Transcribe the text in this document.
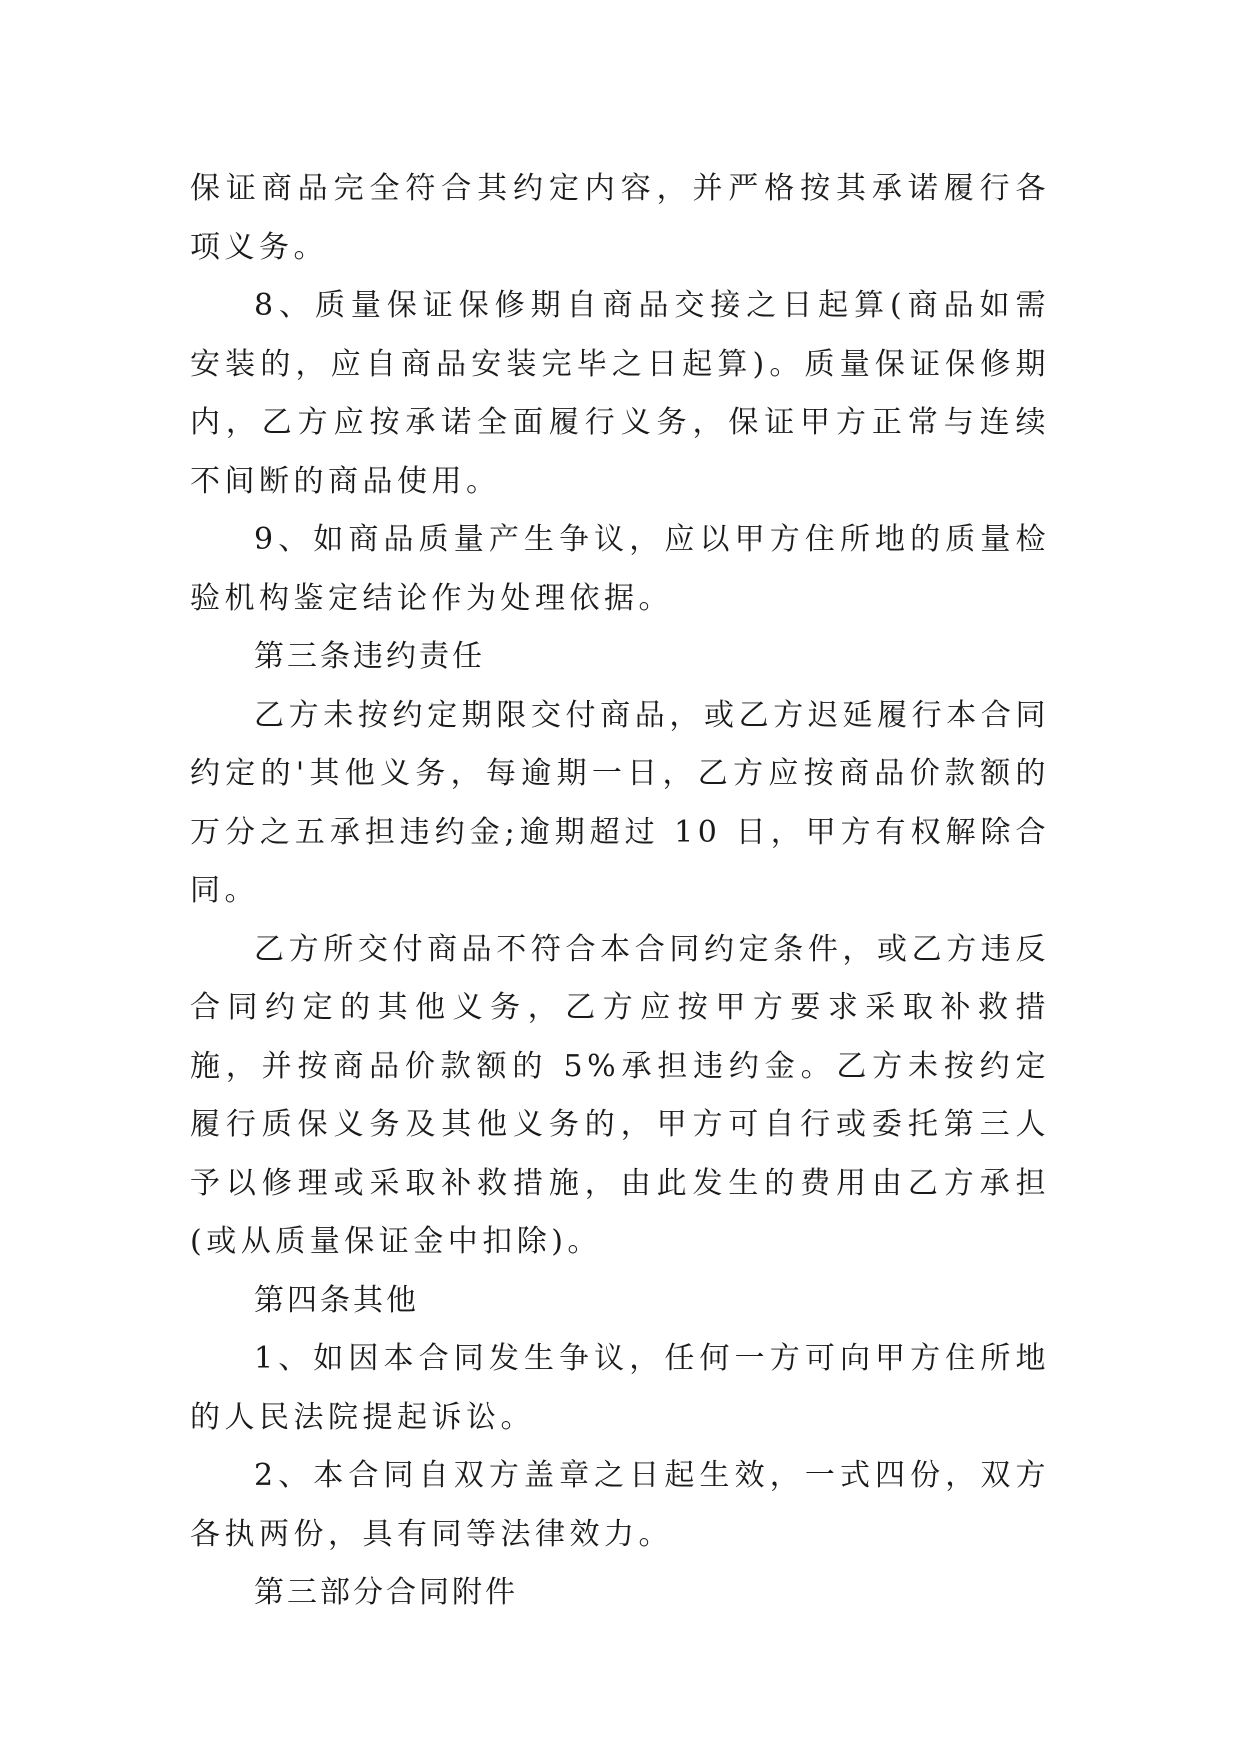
保证商品完全符合其约定内容，并严格按其承诺履行各项义务。

8、质量保证保修期自商品交接之日起算(商品如需安装的，应自商品安装完毕之日起算)。质量保证保修期内，乙方应按承诺全面履行义务，保证甲方正常与连续不间断的商品使用。

9、如商品质量产生争议，应以甲方住所地的质量检验机构鉴定结论作为处理依据。

第三条违约责任

乙方未按约定期限交付商品，或乙方迟延履行本合同约定的'其他义务，每逾期一日，乙方应按商品价款额的万分之五承担违约金;逾期超过 10 日，甲方有权解除合同。

乙方所交付商品不符合本合同约定条件，或乙方违反合同约定的其他义务，乙方应按甲方要求采取补救措施，并按商品价款额的 5%承担违约金。乙方未按约定履行质保义务及其他义务的，甲方可自行或委托第三人予以修理或采取补救措施，由此发生的费用由乙方承担(或从质量保证金中扣除)。

第四条其他

1、如因本合同发生争议，任何一方可向甲方住所地的人民法院提起诉讼。

2、本合同自双方盖章之日起生效，一式四份，双方各执两份，具有同等法律效力。

第三部分合同附件
